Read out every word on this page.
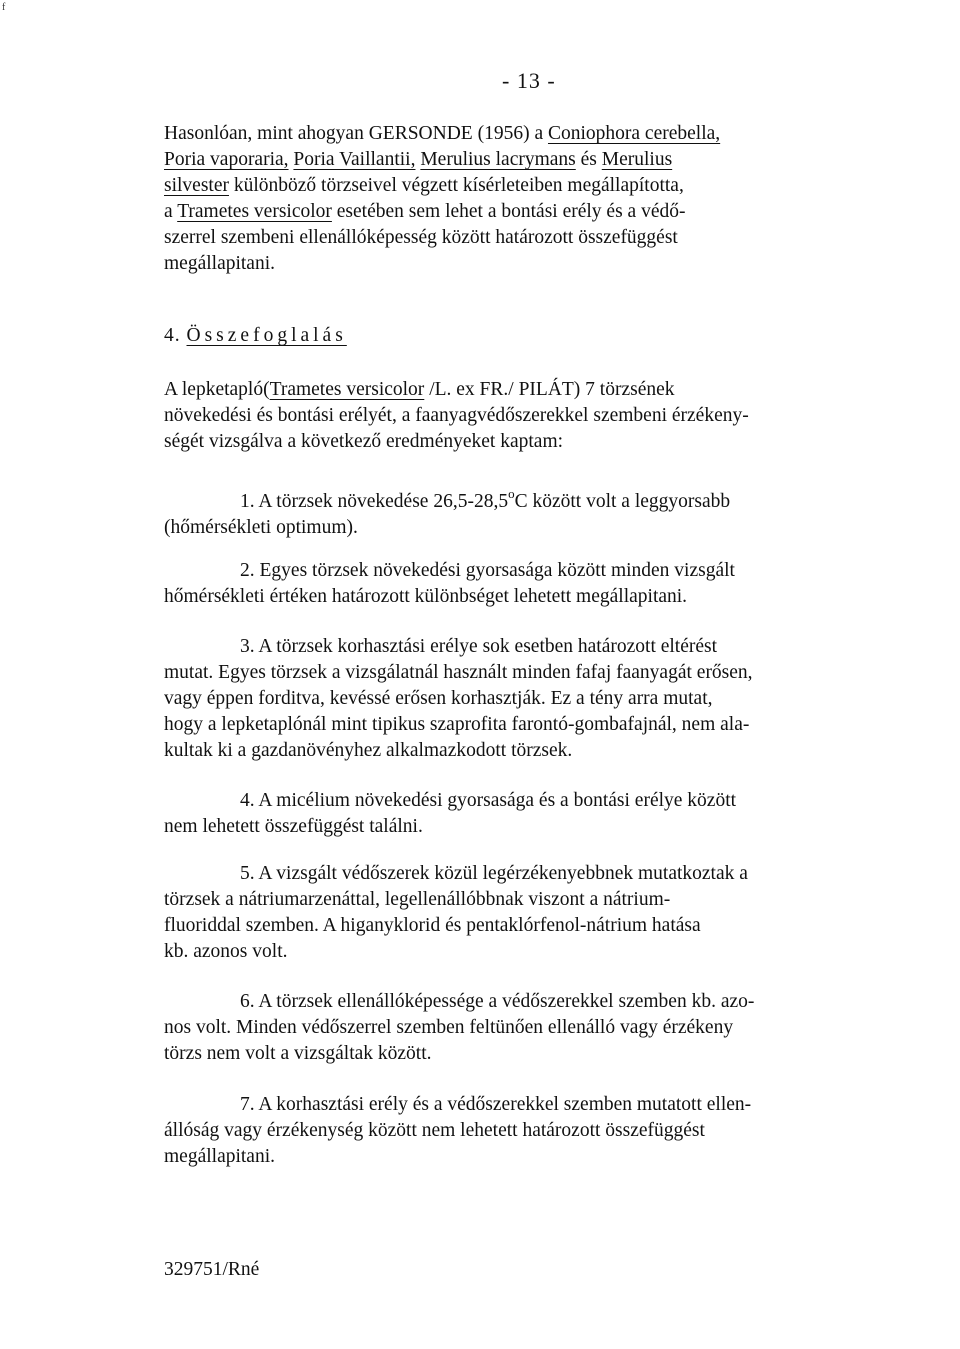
f
- 13 -
Hasonlóan, mint ahogyan GERSONDE (1956) a Coniophora cerebella,
Poria vaporaria, Poria Vaillantii, Merulius lacrymans és Merulius
silvester különböző törzseivel végzett kísérleteiben megállapította,
a Trametes versicolor esetében sem lehet a bontási erély és a védő-
szerrel szembeni ellenállóképesség között határozott összefüggést
megállapitani.
4. Összefoglalás
A lepketapló(Trametes versicolor /L. ex FR./ PILÁT) 7 törzsének
növekedési és bontási erélyét, a faanyagvédőszerekkel szembeni érzékeny-
ségét vizsgálva a következő eredményeket kaptam:
1. A törzsek növekedése 26,5-28,5$^o$C között volt a leggyorsabb
(hőmérsékleti optimum).
2. Egyes törzsek növekedési gyorsasága között minden vizsgált
hőmérsékleti értéken határozott különbséget lehetett megállapitani.
3. A törzsek korhasztási erélye sok esetben határozott eltérést
mutat. Egyes törzsek a vizsgálatnál használt minden fafaj faanyagát erősen,
vagy éppen forditva, kevéssé erősen korhasztják. Ez a tény arra mutat,
hogy a lepketaplónál mint tipikus szaprofita farontó-gombafajnál, nem ala-
kultak ki a gazdanövényhez alkalmazkodott törzsek.
4. A micélium növekedési gyorsasága és a bontási erélye között
nem lehetett összefüggést találni.
5. A vizsgált védőszerek közül legérzékenyebbnek mutatkoztak a
törzsek a nátriumarzenáttal, legellenállóbbnak viszont a nátrium-
fluoriddal szemben. A higanyklorid és pentaklórfenol-nátrium hatása
kb. azonos volt.
6. A törzsek ellenállóképessége a védőszerekkel szemben kb. azo-
nos volt. Minden védőszerrel szemben feltünően ellenálló vagy érzékeny
törzs nem volt a vizsgáltak között.
7. A korhasztási erély és a védőszerekkel szemben mutatott ellen-
állóság vagy érzékenység között nem lehetett határozott összefüggést
megállapitani.
329751/Rné
